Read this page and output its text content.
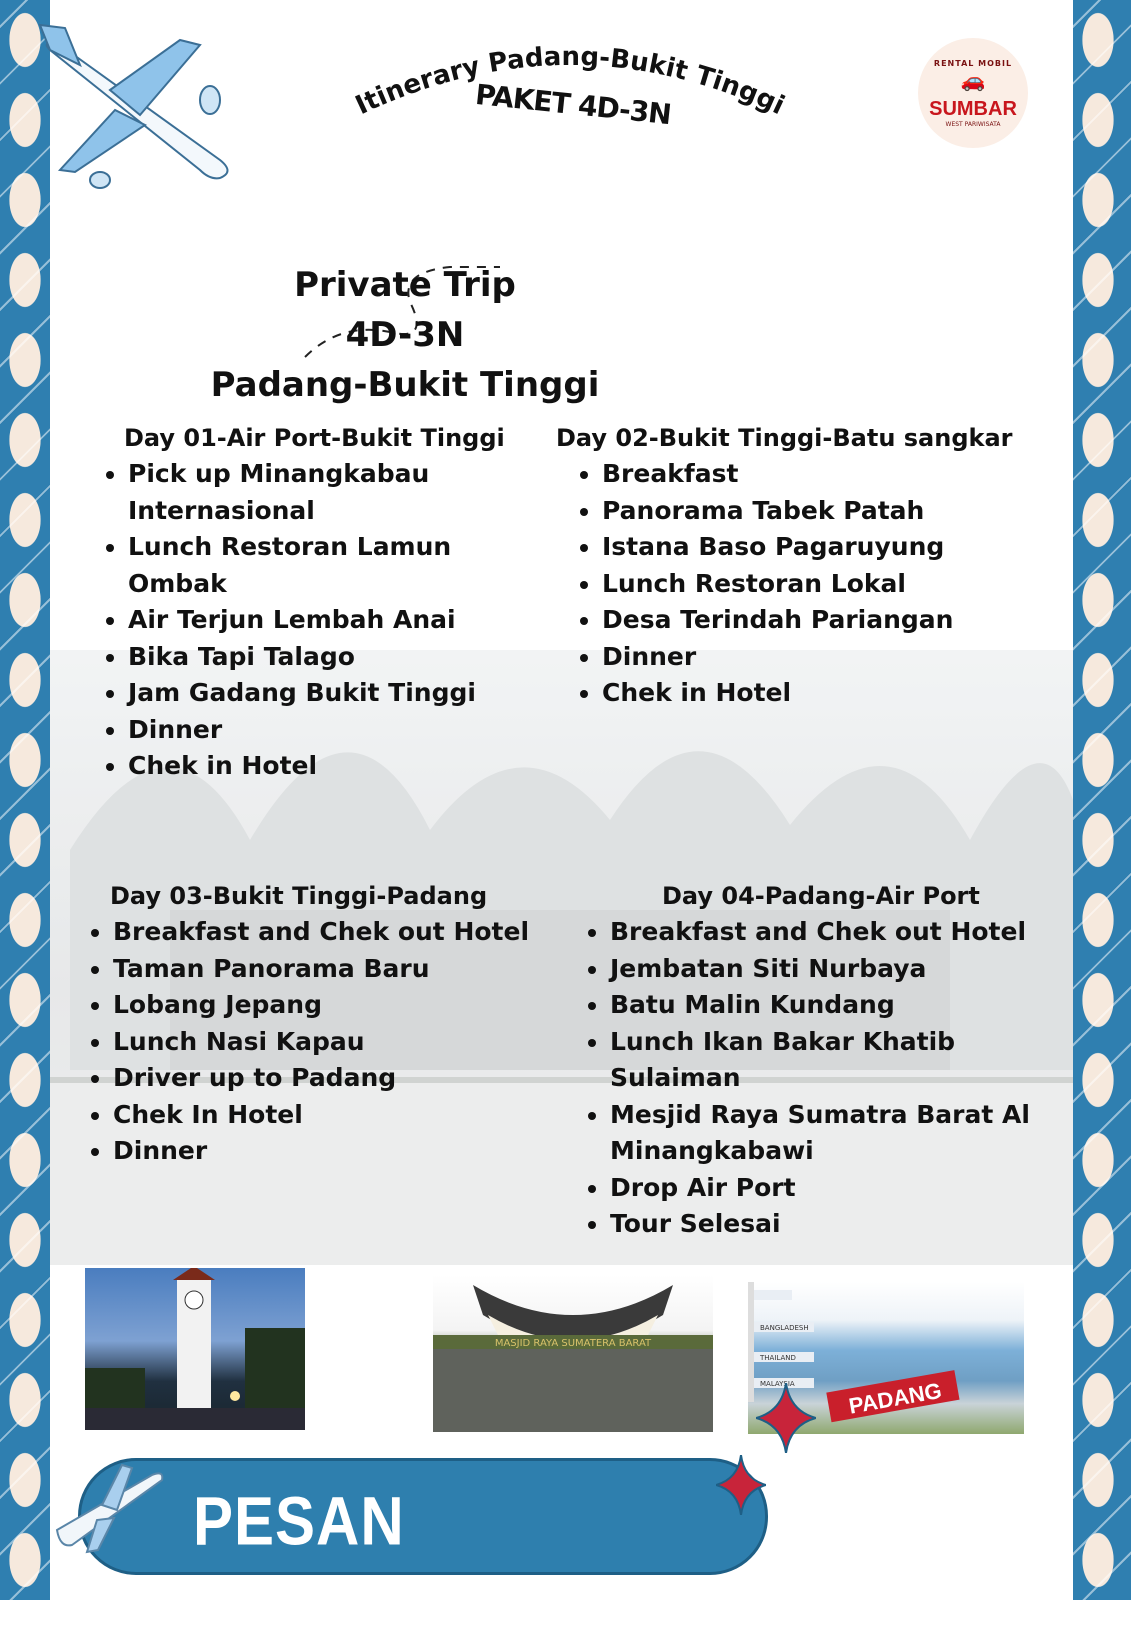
Itinerary Padang-Bukit Tinggi
PAKET 4D-3N
RENTAL MOBIL
🚗
SUMBAR
WEST PARIWISATA
Private Trip
4D-3N
Padang-Bukit Tinggi
Day 01-Air Port-Bukit Tinggi
• Pick up Minangkabau Internasional
• Lunch Restoran Lamun Ombak
• Air Terjun Lembah Anai
• Bika Tapi Talago
• Jam Gadang Bukit Tinggi
• Dinner
• Chek in Hotel
Day 02-Bukit Tinggi-Batu sangkar
• Breakfast
• Panorama Tabek Patah
• Istana Baso Pagaruyung
• Lunch Restoran Lokal
• Desa Terindah Pariangan
• Dinner
• Chek in Hotel
Day 03-Bukit Tinggi-Padang
• Breakfast and Chek out Hotel
• Taman Panorama Baru
• Lobang Jepang
• Lunch Nasi Kapau
• Driver up to Padang
• Chek In Hotel
• Dinner
Day 04-Padang-Air Port
• Breakfast and Chek out Hotel
• Jembatan Siti Nurbaya
• Batu Malin Kundang
• Lunch Ikan Bakar Khatib Sulaiman
• Mesjid Raya Sumatra Barat Al Minangkabawi
• Drop Air Port
• Tour Selesai
MASJID RAYA SUMATERA BARAT
BANGLADESH
THAILAND
MALAYSIA PADANG
PESAN SEKARANG
